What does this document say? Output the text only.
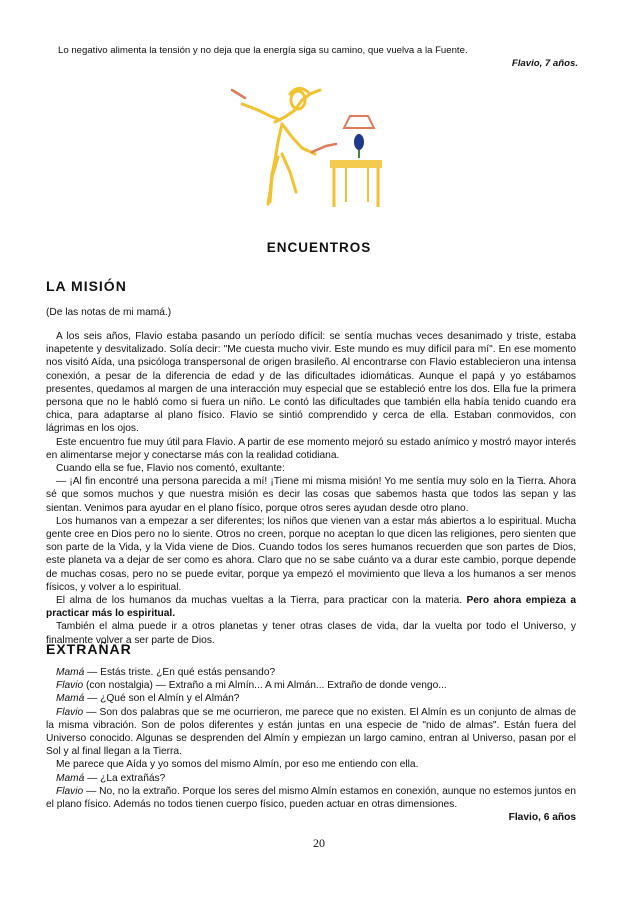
Lo negativo alimenta la tensión y no deja que la energía siga su camino, que vuelva a la Fuente.
Flavio, 7 años.
ENCUENTROS
LA MISIÓN

(De las notas de mi mamá.)

A los seis años, Flavio estaba pasando un período difícil: se sentía muchas veces desanimado y triste, estaba inapetente y desvitalizado. Solía decir: "Me cuesta mucho vivir. Este mundo es muy difícil para mí". En ese momento nos visitó Aída, una psicóloga transpersonal de origen brasileño. Al encontrarse con Flavio establecieron una intensa conexión, a pesar de la diferencia de edad y de las dificultades idiomáticas. Aunque el papá y yo estábamos presentes, quedamos al margen de una interacción muy especial que se estableció entre los dos. Ella fue la primera persona que no le habló como si fuera un niño. Le contó las dificultades que también ella había tenido cuando era chica, para adaptarse al plano físico. Flavio se sintió comprendido y cerca de ella. Estaban conmovidos, con lágrimas en los ojos.

Este encuentro fue muy útil para Flavio. A partir de ese momento mejoró su estado anímico y mostró mayor interés en alimentarse mejor y conectarse más con la realidad cotidiana.

Cuando ella se fue, Flavio nos comentó, exultante:

— ¡Al fin encontré una persona parecida a mí! ¡Tiene mi misma misión! Yo me sentía muy solo en la Tierra. Ahora sé que somos muchos y que nuestra misión es decir las cosas que sabemos hasta que todos las sepan y las sientan. Venimos para ayudar en el plano físico, porque otros seres ayudan desde otro plano.

Los humanos van a empezar a ser diferentes; los niños que vienen van a estar más abiertos a lo espiritual. Mucha gente cree en Dios pero no lo siente. Otros no creen, porque no aceptan lo que dicen las religiones, pero sienten que son parte de la Vida, y la Vida viene de Dios. Cuando todos los seres humanos recuerden que son partes de Dios, este planeta va a dejar de ser como es ahora. Claro que no se sabe cuánto va a durar este cambio, porque depende de muchas cosas, pero no se puede evitar, porque ya empezó el movimiento que lleva a los humanos a ser menos físicos, y volver a lo espiritual.

El alma de los humanos da muchas vueltas a la Tierra, para practicar con la materia. Pero ahora empieza a practicar más lo espiritual.

También el alma puede ir a otros planetas y tener otras clases de vida, dar la vuelta por todo el Universo, y finalmente volver a ser parte de Dios.

EXTRAÑAR

Mamá — Estás triste. ¿En qué estás pensando?

Flavio (con nostalgia) — Extraño a mi Almín... A mi Almán... Extraño de donde vengo...

Mamá — ¿Qué son el Almín y el Almán?

Flavio — Son dos palabras que se me ocurrieron, me parece que no existen. El Almín es un conjunto de almas de la misma vibración. Son de polos diferentes y están juntas en una especie de "nido de almas". Están fuera del Universo conocido. Algunas se desprenden del Almín y empiezan un largo camino, entran al Universo, pasan por el Sol y al final llegan a la Tierra.

Me parece que Aída y yo somos del mismo Almín, por eso me entiendo con ella.

Mamá — ¿La extrañás?

Flavio — No, no la extraño. Porque los seres del mismo Almín estamos en conexión, aunque no estemos juntos en el plano físico. Además no todos tienen cuerpo físico, pueden actuar en otras dimensiones.

Flavio, 6 años

20
